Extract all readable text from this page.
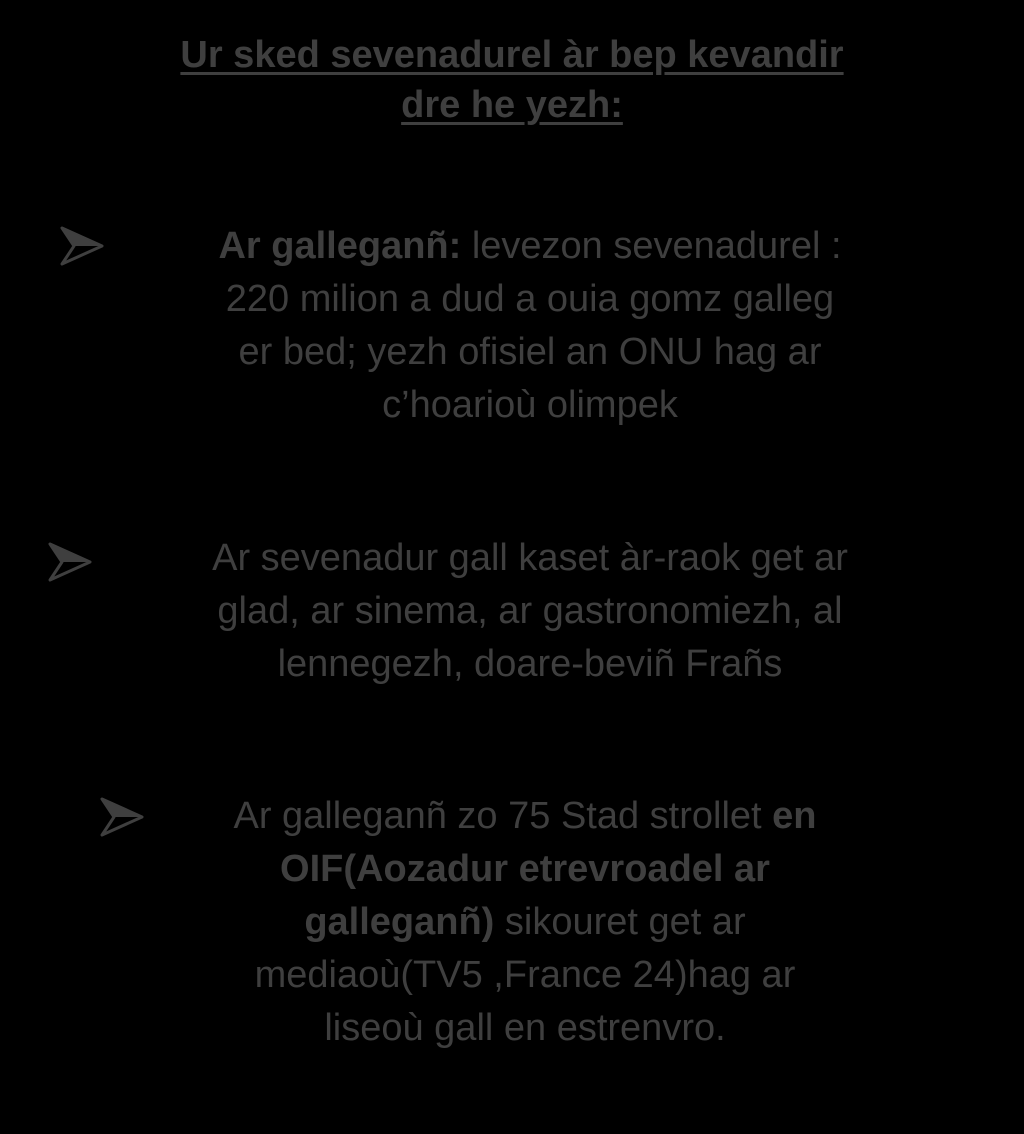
Ur sked sevenadurel àr bep kevandir
dre he yezh:
Ar galleganñ: levezon sevenadurel :
220 milion a dud a ouia gomz galleg
er bed; yezh ofisiel an ONU hag ar
c’hoarioù olimpek
Ar sevenadur gall kaset àr-raok get ar
glad, ar sinema, ar gastronomiezh, al
lennegezh, doare-beviñ Frañs
Ar galleganñ zo 75 Stad strollet en
OIF(Aozadur etrevroadel ar
galleganñ) sikouret get ar
mediaoù(TV5 ,France 24)hag ar
liseoù gall en estrenvro.
